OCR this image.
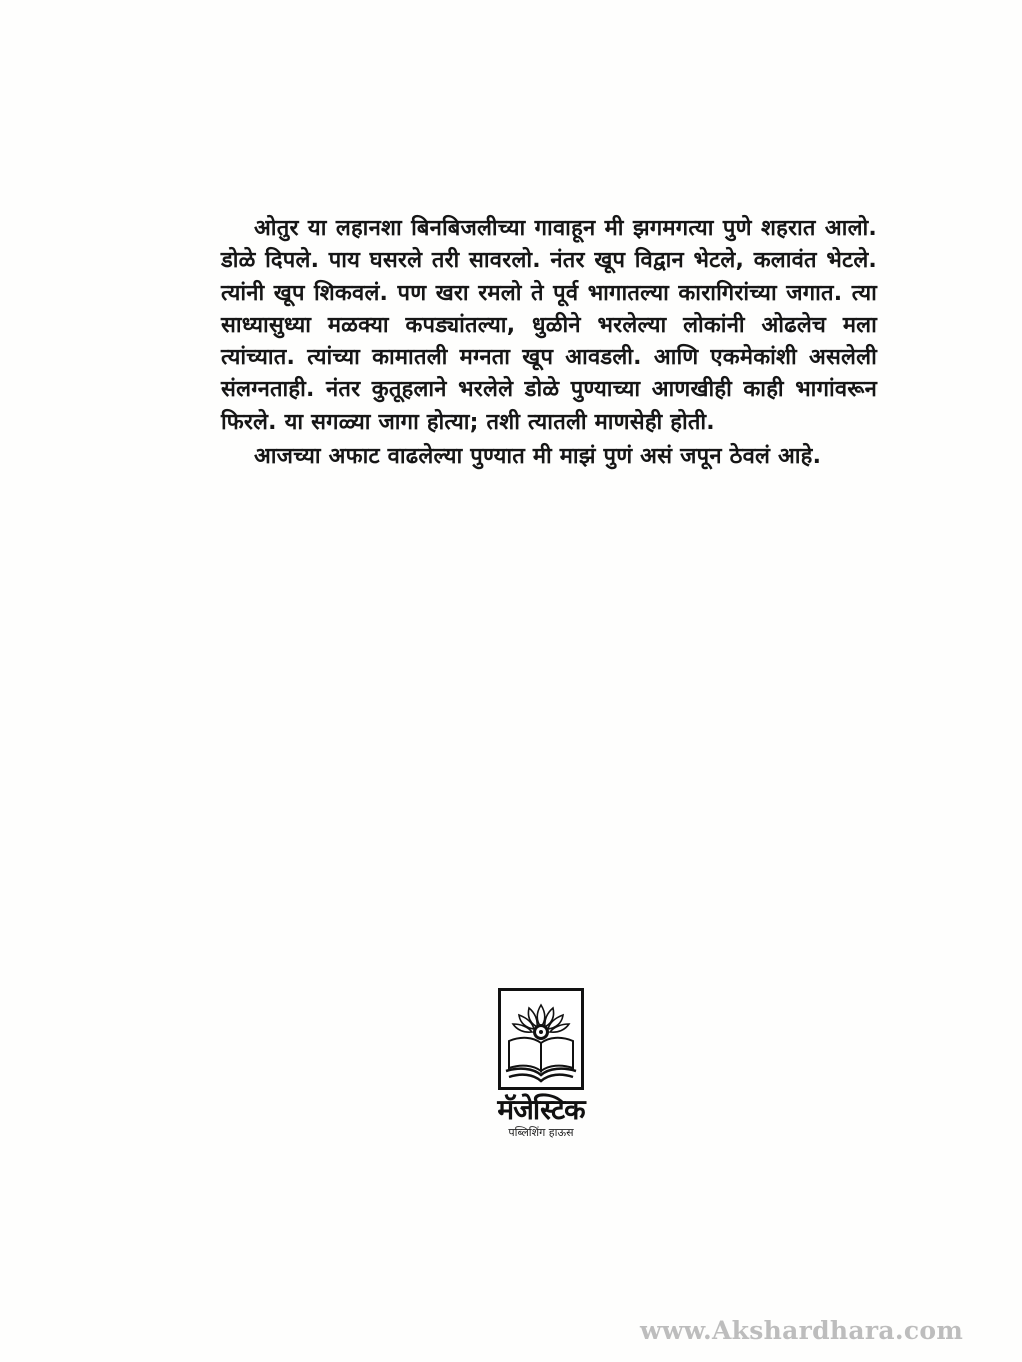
ओतुर या लहानशा बिनबिजलीच्या गावाहून मी झगमगत्या पुणे शहरात आलो. डोळे दिपले. पाय घसरले तरी सावरलो. नंतर खूप विद्वान भेटले, कलावंत भेटले. त्यांनी खूप शिकवलं. पण खरा रमलो ते पूर्व भागातल्या कारागिरांच्या जगात. त्या साध्यासुध्या मळक्या कपड्यांतल्या, धुळीने भरलेल्या लोकांनी ओढलेच मला त्यांच्यात. त्यांच्या कामातली मग्नता खूप आवडली. आणि एकमेकांशी असलेली संलग्नताही. नंतर कुतूहलाने भरलेले डोळे पुण्याच्या आणखीही काही भागांवरून फिरले. या सगळ्या जागा होत्या; तशी त्यातली माणसेही होती.

आजच्या अफाट वाढलेल्या पुण्यात मी माझं पुणं असं जपून ठेवलं आहे.

मॅजेस्टिक
पब्लिशिंग हाऊस
www.Akshardhara.com
